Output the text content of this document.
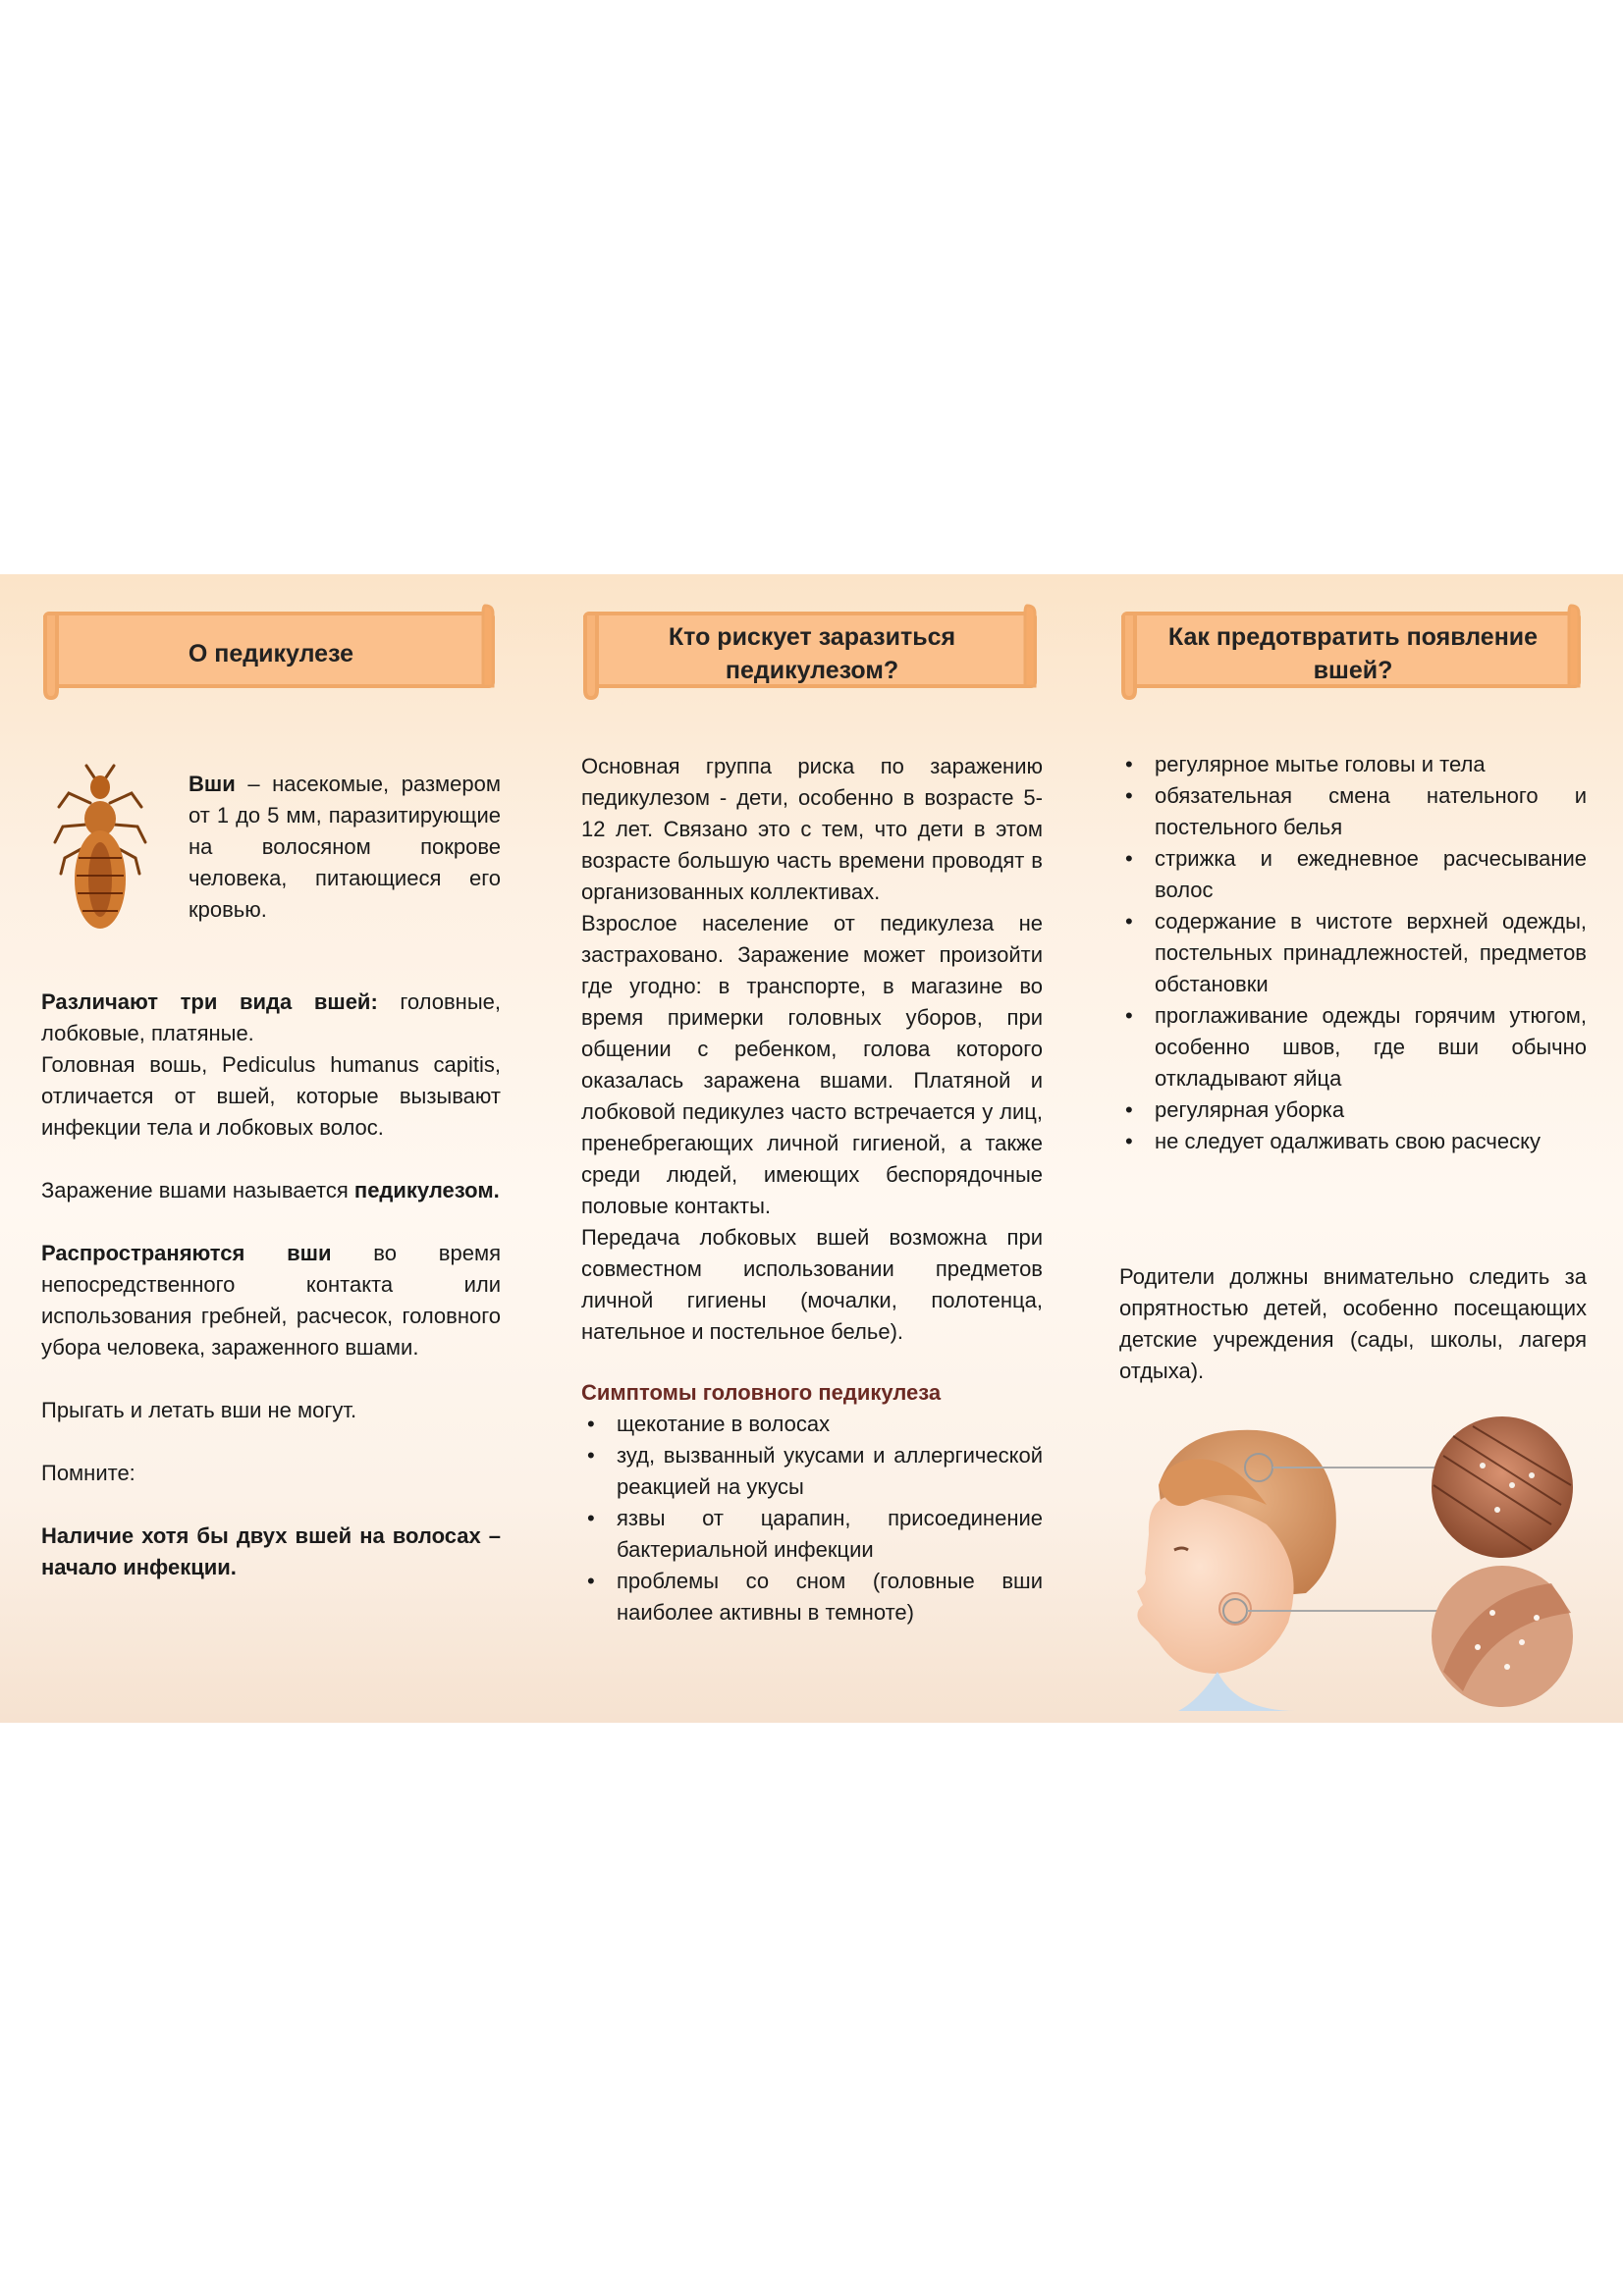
О педикулезе

Вши – насекомые, размером от 1 до 5 мм, паразитирующие на волосяном покрове человека, питающиеся его кровью.

Различают три вида вшей: головные, лобковые, платяные.

Головная вошь, Pediculus humanus capitis, отличается от вшей, которые вызывают инфекции тела и лобковых волос.

Заражение вшами называется педикулезом.

Распространяются вши во время непосредственного контакта или использования гребней, расчесок, головного убора человека, зараженного вшами.

Прыгать и летать вши не могут.

Помните:

Наличие хотя бы двух вшей на волосах – начало инфекции.

Кто рискует заразиться педикулезом?

Основная группа риска по заражению педикулезом - дети, особенно в возрасте 5-12 лет. Связано это с тем, что дети в этом возрасте большую часть времени проводят в организованных коллективах.

Взрослое население от педикулеза не застраховано. Заражение может произойти где угодно: в транспорте, в магазине во время примерки головных уборов, при общении с ребенком, голова которого оказалась заражена вшами. Платяной и лобковой педикулез часто встречается у лиц, пренебрегающих личной гигиеной, а также среди людей, имеющих беспорядочные половые контакты.

Передача лобковых вшей возможна при совместном использовании предметов личной гигиены (мочалки, полотенца, нательное и постельное белье).

Симптомы головного педикулеза
• щекотание в волосах
• зуд, вызванный укусами и аллергической реакцией на укусы
• язвы от царапин, присоединение бактериальной инфекции
• проблемы со сном (головные вши наиболее активны в темноте)
Как предотвратить появление вшей?
• регулярное мытье головы и тела
• обязательная смена нательного и постельного белья
• стрижка и ежедневное расчесывание волос
• содержание в чистоте верхней одежды, постельных принадлежностей, предметов обстановки
• проглаживание одежды горячим утюгом, особенно швов, где вши обычно откладывают яйца
• регулярная уборка
• не следует одалживать свою расческу

Родители должны внимательно следить за опрятностью детей, особенно посещающих детские учреждения (сады, школы, лагеря отдыха).
